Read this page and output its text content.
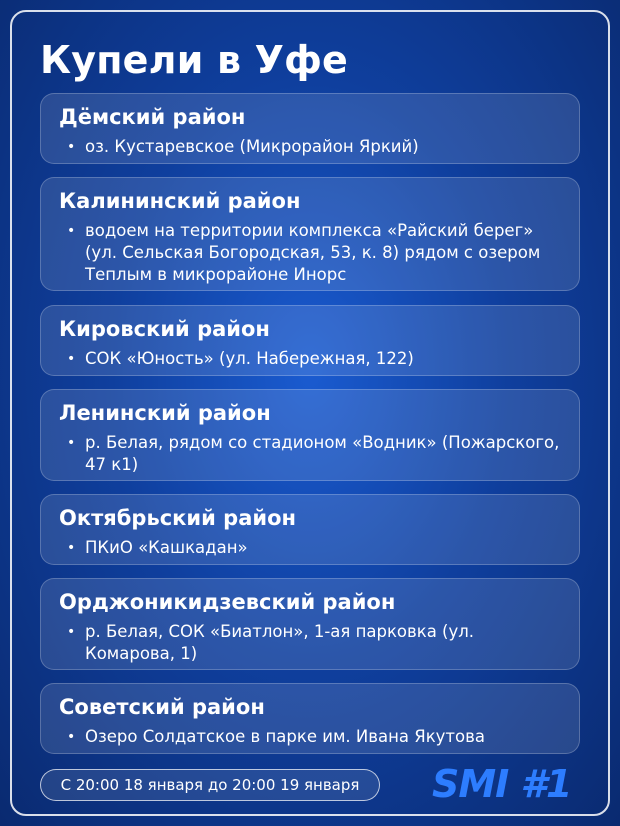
Купели в Уфе
Дёмский район
• оз. Кустаревское (Микрорайон Яркий)
Калининский район
• водоем на территории комплекса «Райский берег» (ул. Сельская Богородская, 53, к. 8) рядом с озером Теплым в микрорайоне Инорс
Кировский район
• СОК «Юность» (ул. Набережная, 122)
Ленинский район
• р. Белая, рядом со стадионом «Водник» (Пожарского, 47 к1)
Октябрьский район
• ПКиО «Кашкадан»
Орджоникидзевский район
• р. Белая, СОК «Биатлон», 1-ая парковка (ул. Комарова, 1)
Советский район
• Озеро Солдатское в парке им. Ивана Якутова
С 20:00 18 января до 20:00 19 января	SMI #1
